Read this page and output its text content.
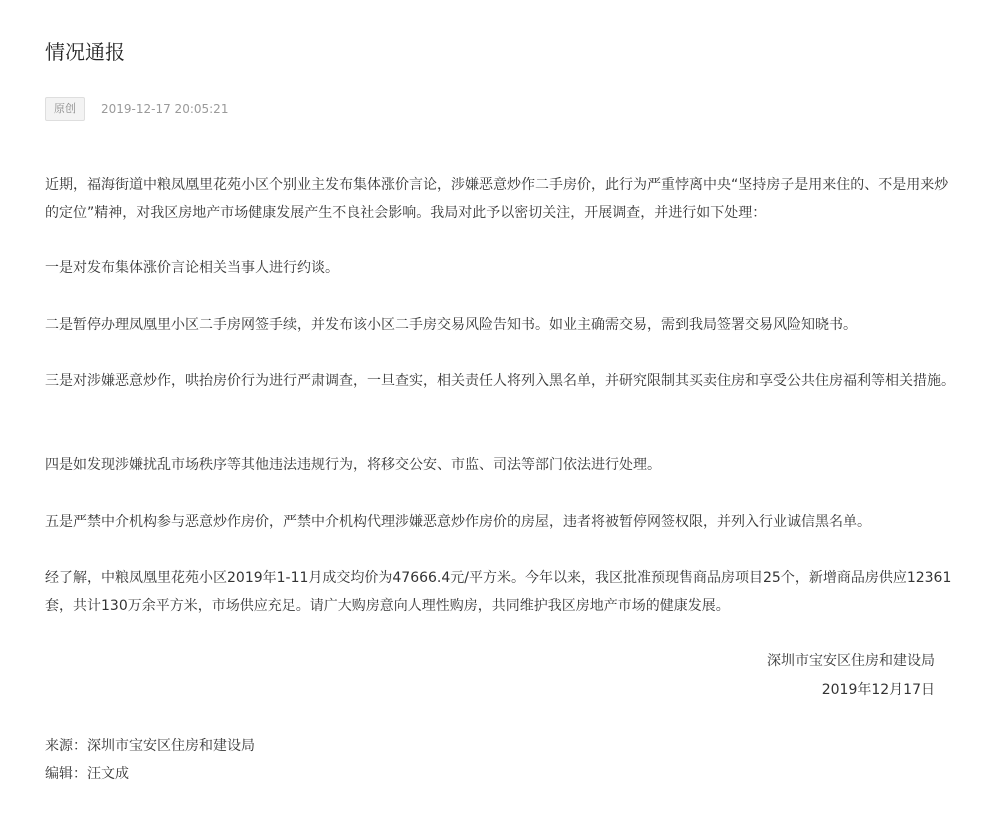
情况通报
原创	2019-12-17 20:05:21

近期，福海街道中粮凤凰里花苑小区个别业主发布集体涨价言论，涉嫌恶意炒作二手房价，此行为严重悖离中央“坚持房子是用来住的、不是用来炒的定位”精神，对我区房地产市场健康发展产生不良社会影响。我局对此予以密切关注，开展调查，并进行如下处理：

一是对发布集体涨价言论相关当事人进行约谈。

二是暂停办理凤凰里小区二手房网签手续，并发布该小区二手房交易风险告知书。如业主确需交易，需到我局签署交易风险知晓书。

三是对涉嫌恶意炒作，哄抬房价行为进行严肃调查，一旦查实，相关责任人将列入黑名单，并研究限制其买卖住房和享受公共住房福利等相关措施。

四是如发现涉嫌扰乱市场秩序等其他违法违规行为，将移交公安、市监、司法等部门依法进行处理。

五是严禁中介机构参与恶意炒作房价，严禁中介机构代理涉嫌恶意炒作房价的房屋，违者将被暂停网签权限，并列入行业诚信黑名单。

经了解，中粮凤凰里花苑小区2019年1-11月成交均价为47666.4元/平方米。今年以来，我区批准预现售商品房项目25个，新增商品房供应12361套，共计130万余平方米，市场供应充足。请广大购房意向人理性购房，共同维护我区房地产市场的健康发展。

深圳市宝安区住房和建设局
2019年12月17日
来源：深圳市宝安区住房和建设局
编辑：汪文成
